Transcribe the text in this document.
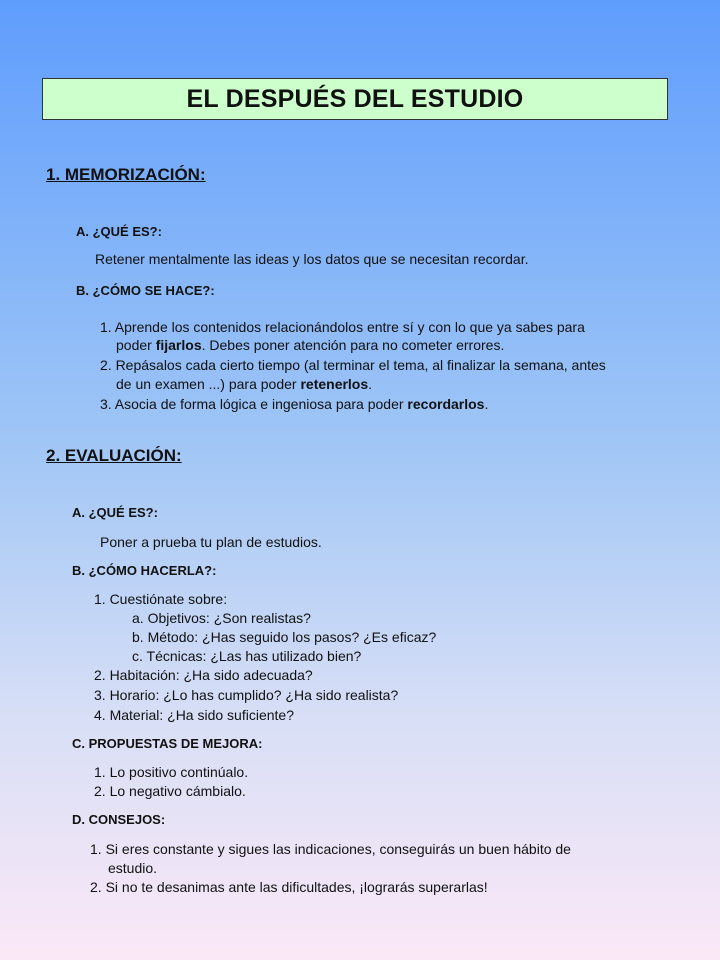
EL DESPUÉS DEL ESTUDIO
1. MEMORIZACIÓN:
A. ¿QUÉ ES?:
Retener mentalmente las ideas y los datos que se necesitan recordar.
B. ¿CÓMO SE HACE?:
1. Aprende los contenidos relacionándolos entre sí y con lo que ya sabes para
poder fijarlos. Debes poner atención para no cometer errores.
2. Repásalos cada cierto tiempo (al terminar el tema, al finalizar la semana, antes
de un examen ...) para poder retenerlos.
3. Asocia de forma lógica e ingeniosa para poder recordarlos.
2. EVALUACIÓN:
A. ¿QUÉ ES?:
Poner a prueba tu plan de estudios.
B. ¿CÓMO HACERLA?:
1. Cuestiónate sobre:
a. Objetivos: ¿Son realistas?
b. Método: ¿Has seguido los pasos? ¿Es eficaz?
c. Técnicas: ¿Las has utilizado bien?
2. Habitación: ¿Ha sido adecuada?
3. Horario: ¿Lo has cumplido? ¿Ha sido realista?
4. Material: ¿Ha sido suficiente?
C. PROPUESTAS DE MEJORA:
1. Lo positivo continúalo.
2. Lo negativo cámbialo.
D. CONSEJOS:
1. Si eres constante y sigues las indicaciones, conseguirás un buen hábito de
estudio.
2. Si no te desanimas ante las dificultades, ¡lograrás superarlas!
